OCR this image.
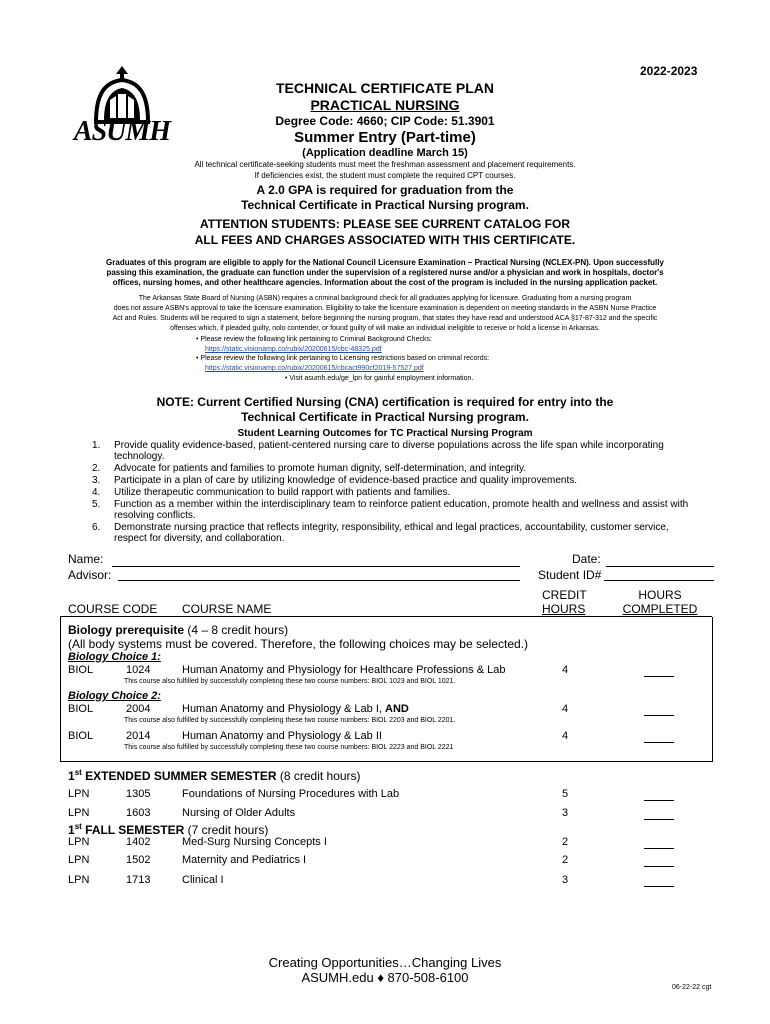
ASUMH
2022-2023
TECHNICAL CERTIFICATE PLAN
PRACTICAL NURSING
Degree Code: 4660; CIP Code: 51.3901
Summer Entry (Part-time)
(Application deadline March 15)
All technical certificate-seeking students must meet the freshman assessment and placement requirements.
If deficiencies exist, the student must complete the required CPT courses.
A 2.0 GPA is required for graduation from the
Technical Certificate in Practical Nursing program.
ATTENTION STUDENTS: PLEASE SEE CURRENT CATALOG FOR
ALL FEES AND CHARGES ASSOCIATED WITH THIS CERTIFICATE.
Graduates of this program are eligible to apply for the National Council Licensure Examination – Practical Nursing (NCLEX-PN). Upon successfully
passing this examination, the graduate can function under the supervision of a registered nurse and/or a physician and work in hospitals, doctor's
offices, nursing homes, and other healthcare agencies. Information about the cost of the program is included in the nursing application packet.
The Arkansas State Board of Nursing (ASBN) requires a criminal background check for all graduates applying for licensure. Graduating from a nursing program
does not assure ASBN's approval to take the licensure examination. Eligibility to take the licensure examination is dependent on meeting standards in the ASBN Nurse Practice
Act and Rules. Students will be required to sign a statement, before beginning the nursing program, that states they have read and understood ACA §17-87-312 and the specific
offenses which, if pleaded guilty, nolo contender, or found guilty of will make an individual ineligible to receive or hold a license in Arkansas.
• Please review the following link pertaining to Criminal Background Checks:
https://static.visionamp.co/rubix/20200615/cbc-48325.pdf
• Please review the following link pertaining to Licensing restrictions based on criminal records:
https://static.visionamp.co/rubix/20200615/cbcact990cf2019-57527.pdf
• Visit asumh.edu/ge_lpn for gainful employment information.
NOTE: Current Certified Nursing (CNA) certification is required for entry into the
Technical Certificate in Practical Nursing program.
Student Learning Outcomes for TC Practical Nursing Program
1. Provide quality evidence-based, patient-centered nursing care to diverse populations across the life span while incorporating
technology.
2. Advocate for patients and families to promote human dignity, self-determination, and integrity.
3. Participate in a plan of care by utilizing knowledge of evidence-based practice and quality improvements.
4. Utilize therapeutic communication to build rapport with patients and families.
5. Function as a member within the interdisciplinary team to reinforce patient education, promote health and wellness and assist with
resolving conflicts.
6. Demonstrate nursing practice that reflects integrity, responsibility, ethical and legal practices, accountability, customer service,
respect for diversity, and collaboration.
Name:
Advisor:
Date:
Student ID#
COURSE CODE COURSE NAME
CREDIT
HOURS
HOURS
COMPLETED
Biology prerequisite (4 – 8 credit hours)
(All body systems must be covered. Therefore, the following choices may be selected.)
Biology Choice 1:
Biology Choice 2:
BIOL	1024	Human Anatomy and Physiology for Healthcare Professions & Lab	4
This course also fulfilled by successfully completing these two course numbers: BIOL 1023 and BIOL 1021.
BIOL	2004	Human Anatomy and Physiology & Lab I, AND	4
This course also fulfilled by successfully completing these two course numbers: BIOL 2203 and BIOL 2201.
BIOL	2014	Human Anatomy and Physiology & Lab II	4
This course also fulfilled by successfully completing these two course numbers: BIOL 2223 and BIOL 2221
1st EXTENDED SUMMER SEMESTER (8 credit hours)
LPN	1305	Foundations of Nursing Procedures with Lab	5
LPN	1603	Nursing of Older Adults	3
1st FALL SEMESTER (7 credit hours)
LPN	1402	Med-Surg Nursing Concepts I	2
LPN	1502	Maternity and Pediatrics I	2
LPN	1713	Clinical I	3
Creating Opportunities…Changing Lives
ASUMH.edu ♦ 870-508-6100
06-22-22 cgt
